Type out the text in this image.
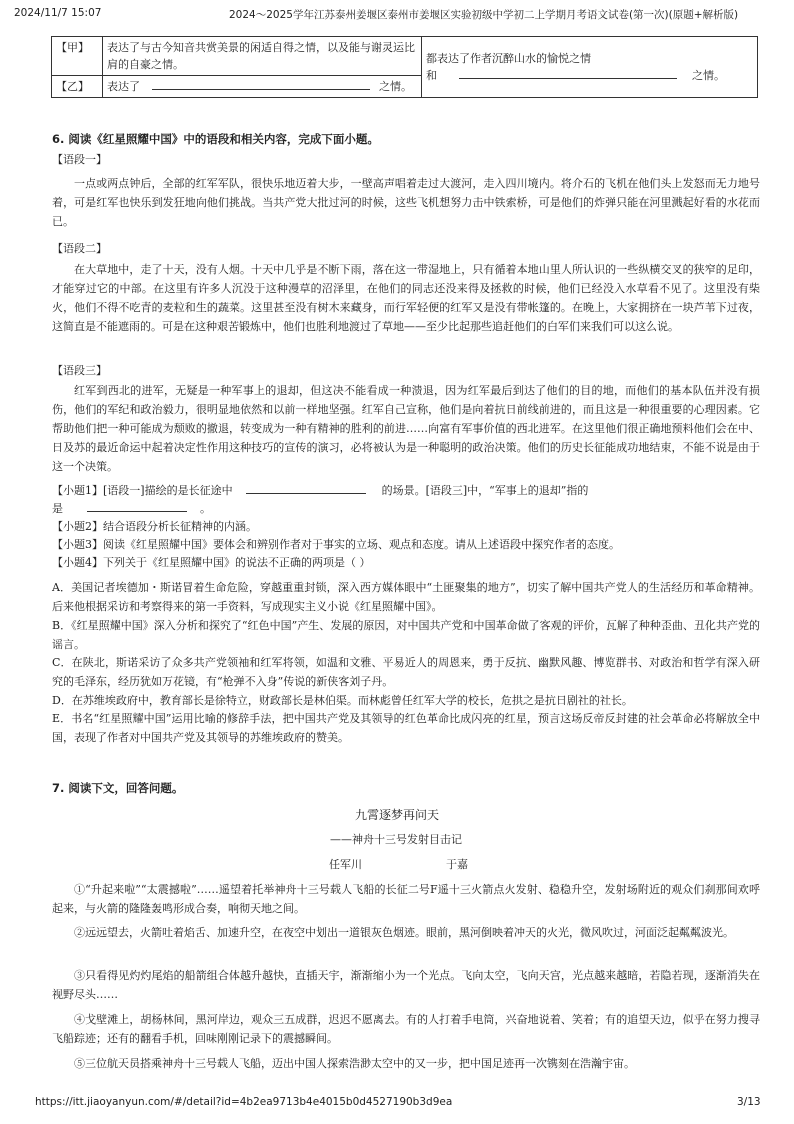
2024/11/7 15:07	2024～2025学年江苏泰州姜堰区泰州市姜堰区实验初级中学初二上学期月考语文试卷(第一次)(原题+解析版)
【甲】	表达了与古今知音共赏美景的闲适自得之情，以及能与谢灵运比肩的自豪之情。	都表达了作者沉醉山水的愉悦之情
和 之情。

【乙】	表达了 之情。	
6. 阅读《红星照耀中国》中的语段和相关内容，完成下面小题。
【语段一】

一点或两点钟后，全部的红军军队，很快乐地迈着大步，一壁高声唱着走过大渡河，走入四川境内。将介石的飞机在他们头上发怒而无力地号着，可是红军也快乐到发狂地向他们挑战。当共产党大批过河的时候，这些飞机想努力击中铁索桥，可是他们的炸弹只能在河里溅起好看的水花而已。

【语段二】

在大草地中，走了十天，没有人烟。十天中几乎是不断下雨，落在这一带湿地上，只有循着本地山里人所认识的一些纵横交叉的狭窄的足印，才能穿过它的中部。在这里有许多人沉没于这种漫草的沼泽里，在他们的同志还没来得及拯救的时候，他们已经没入水草看不见了。这里没有柴火，他们不得不吃青的麦粒和生的蔬菜。这里甚至没有树木来藏身，而行军轻便的红军又是没有带帐篷的。在晚上，大家拥挤在一块芦苇下过夜，这简直是不能遮雨的。可是在这种艰苦锻炼中，他们也胜利地渡过了草地——至少比起那些追赶他们的白军们来我们可以这么说。

【语段三】

红军到西北的进军，无疑是一种军事上的退却，但这决不能看成一种溃退，因为红军最后到达了他们的目的地，而他们的基本队伍并没有损伤，他们的军纪和政治毅力，很明显地依然和以前一样地坚强。红军自己宣称，他们是向着抗日前线前进的，而且这是一种很重要的心理因素。它帮助他们把一种可能成为颓败的撤退，转变成为一种有精神的胜利的前进……向富有军事价值的西北进军。在这里他们很正确地预料他们会在中、日及苏的最近命运中起着决定性作用这种技巧的宣传的演习，必将被认为是一种聪明的政治决策。他们的历史长征能成功地结束，不能不说是由于这一个决策。

【小题1】[语段一]描绘的是长征途中	的场景。[语段三]中，“军事上的退却”指的
是	。
【小题2】结合语段分析长征精神的内涵。
【小题3】阅读《红星照耀中国》要体会和辨别作者对于事实的立场、观点和态度。请从上述语段中探究作者的态度。
【小题4】下列关于《红星照耀中国》的说法不正确的两项是（ ）

A．美国记者埃德加・斯诺冒着生命危险，穿越重重封锁，深入西方媒体眼中“土匪聚集的地方”，切实了解中国共产党人的生活经历和革命精神。后来他根据采访和考察得来的第一手资料，写成现实主义小说《红星照耀中国》。

B．《红星照耀中国》深入分析和探究了“红色中国”产生、发展的原因，对中国共产党和中国革命做了客观的评价，瓦解了种种歪曲、丑化共产党的谣言。

C．在陕北，斯诺采访了众多共产党领袖和红军将领，如温和文雅、平易近人的周恩来，勇于反抗、幽默风趣、博览群书、对政治和哲学有深入研究的毛泽东，经历犹如万花镜，有“枪弹不入身”传说的新侠客刘子丹。

D．在苏维埃政府中，教育部长是徐特立，财政部长是林伯渠。而林彪曾任红军大学的校长，危拱之是抗日剧社的社长。

E．书名“红星照耀中国”运用比喻的修辞手法，把中国共产党及其领导的红色革命比成闪亮的红星，预言这场反帝反封建的社会革命必将解放全中国，表现了作者对中国共产党及其领导的苏维埃政府的赞美。

7. 阅读下文，回答问题。
九霄逐梦再问天
——神舟十三号发射目击记
任军川	于嘉

①“升起来啦”“太震撼啦”……遥望着托举神舟十三号载人飞船的长征二号F遥十三火箭点火发射、稳稳升空，发射场附近的观众们刹那间欢呼起来，与火箭的隆隆轰鸣形成合奏，响彻天地之间。

②远远望去，火箭吐着焰舌、加速升空，在夜空中划出一道银灰色烟迹。眼前，黑河倒映着冲天的火光，微风吹过，河面泛起粼粼波光。

③只看得见灼灼尾焰的船箭组合体越升越快，直插天宇，渐渐缩小为一个光点。飞向太空，飞向天宫，光点越来越暗，若隐若现，逐渐消失在视野尽头……

④戈壁滩上，胡杨林间，黑河岸边，观众三五成群，迟迟不愿离去。有的人打着手电筒，兴奋地说着、笑着；有的追望天边，似乎在努力搜寻飞船踪迹；还有的翻看手机，回味刚刚记录下的震撼瞬间。

⑤三位航天员搭乘神舟十三号载人飞船，迈出中国人探索浩渺太空中的又一步，把中国足迹再一次镌刻在浩瀚宇宙。

https://itt.jiaoyanyun.com/#/detail?id=4b2ea9713b4e4015b0d4527190b3d9ea	3/13
